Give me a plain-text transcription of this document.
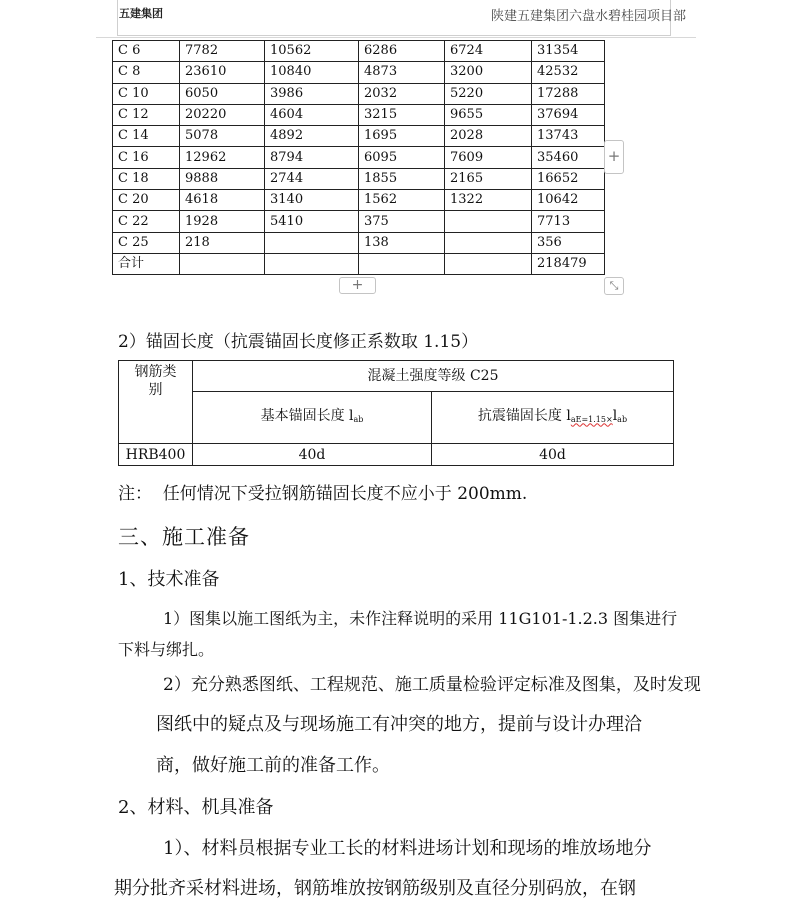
五建集团	陕建五建集团六盘水碧桂园项目部
C 6	7782	10562	6286	6724	31354
C 8	23610	10840	4873	3200	42532
C 10	6050	3986	2032	5220	17288
C 12	20220	4604	3215	9655	37694
C 14	5078	4892	1695	2028	13743
C 16	12962	8794	6095	7609	35460
C 18	9888	2744	1855	2165	16652
C 20	4618	3140	1562	1322	10642
C 22	1928	5410	375		7713
C 25	218		138		356
合计					218479
+
+	⤡
2）锚固长度（抗震锚固长度修正系数取 1.15）
钢筋类别	混凝土强度等级 C25	
	基本锚固长度 $l_{ab}$	抗震锚固长度 $l_{aE=1.15\times}l_{ab}$
HRB400	40d	40d
注：  任何情况下受拉钢筋锚固长度不应小于 200mm.
三、施工准备
1、技术准备
1）图集以施工图纸为主，未作注释说明的采用 11G101-1.2.3 图集进行
下料与绑扎。
2）充分熟悉图纸、工程规范、施工质量检验评定标准及图集，及时发现
图纸中的疑点及与现场施工有冲突的地方，提前与设计办理洽
商，做好施工前的准备工作。
2、材料、机具准备
1）、材料员根据专业工长的材料进场计划和现场的堆放场地分
期分批齐采材料进场，钢筋堆放按钢筋级别及直径分别码放，在钢
